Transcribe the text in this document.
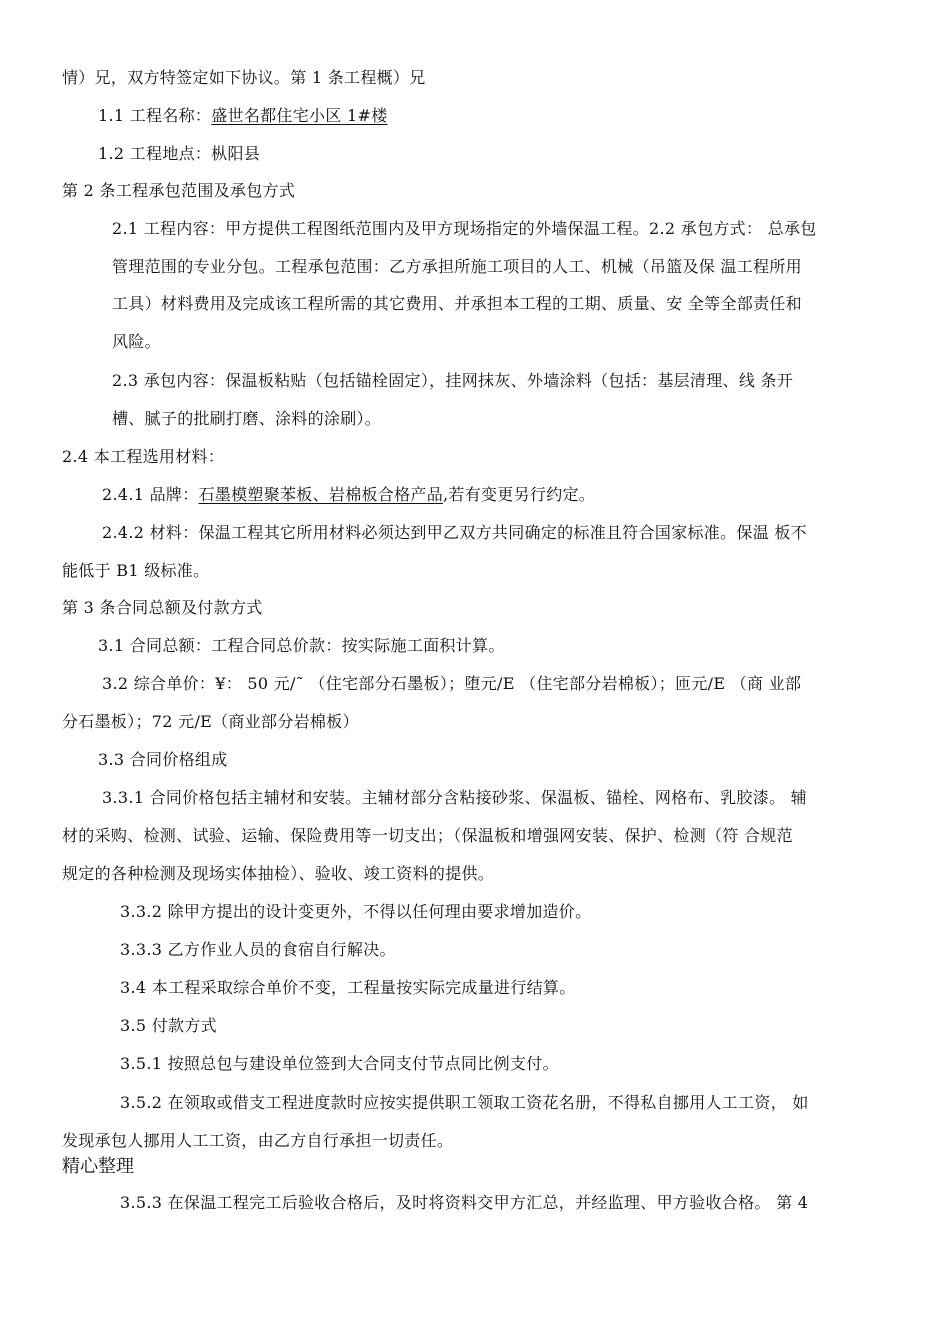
情）兄，双方特签定如下协议。第 1 条工程概）兄
1.1 工程名称：盛世名都住宅小区 1#楼
1.2 工程地点：枞阳县
第 2 条工程承包范围及承包方式
2.1 工程内容：甲方提供工程图纸范围内及甲方现场指定的外墙保温工程。2.2 承包方式： 总承包
管理范围的专业分包。工程承包范围：乙方承担所施工项目的人工、机械（吊篮及保 温工程所用
工具）材料费用及完成该工程所需的其它费用、并承担本工程的工期、质量、安 全等全部责任和
风险。
2.3 承包内容：保温板粘贴（包括锚栓固定），挂网抹灰、外墙涂料（包括：基层清理、线 条开
槽、腻子的批刷打磨、涂料的涂刷）。
2.4 本工程选用材料：
2.4.1 品牌：石墨模塑聚苯板、岩棉板合格产品,若有变更另行约定。
2.4.2 材料：保温工程其它所用材料必须达到甲乙双方共同确定的标准且符合国家标准。保温 板不
能低于 B1 级标准。
第 3 条合同总额及付款方式
3.1 合同总额：工程合同总价款：按实际施工面积计算。
3.2 综合单价：¥： 50 元/˜ （住宅部分石墨板）；堕元/E （住宅部分岩棉板）；匝元/E （商 业部
分石墨板）；72 元/E（商业部分岩棉板）
3.3 合同价格组成
3.3.1 合同价格包括主辅材和安装。主辅材部分含粘接砂浆、保温板、锚栓、网格布、乳胶漆。 辅
材的采购、检测、试验、运输、保险费用等一切支出；（保温板和增强网安装、保护、检测（符 合规范
规定的各种检测及现场实体抽检）、验收、竣工资料的提供。
3.3.2 除甲方提出的设计变更外，不得以任何理由要求增加造价。
3.3.3 乙方作业人员的食宿自行解决。
3.4 本工程采取综合单价不变，工程量按实际完成量进行结算。
3.5 付款方式
3.5.1 按照总包与建设单位签到大合同支付节点同比例支付。
3.5.2 在领取或借支工程进度款时应按实提供职工领取工资花名册，不得私自挪用人工工资， 如
发现承包人挪用人工工资，由乙方自行承担一切责任。
精心整理
3.5.3 在保温工程完工后验收合格后，及时将资料交甲方汇总，并经监理、甲方验收合格。 第 4
